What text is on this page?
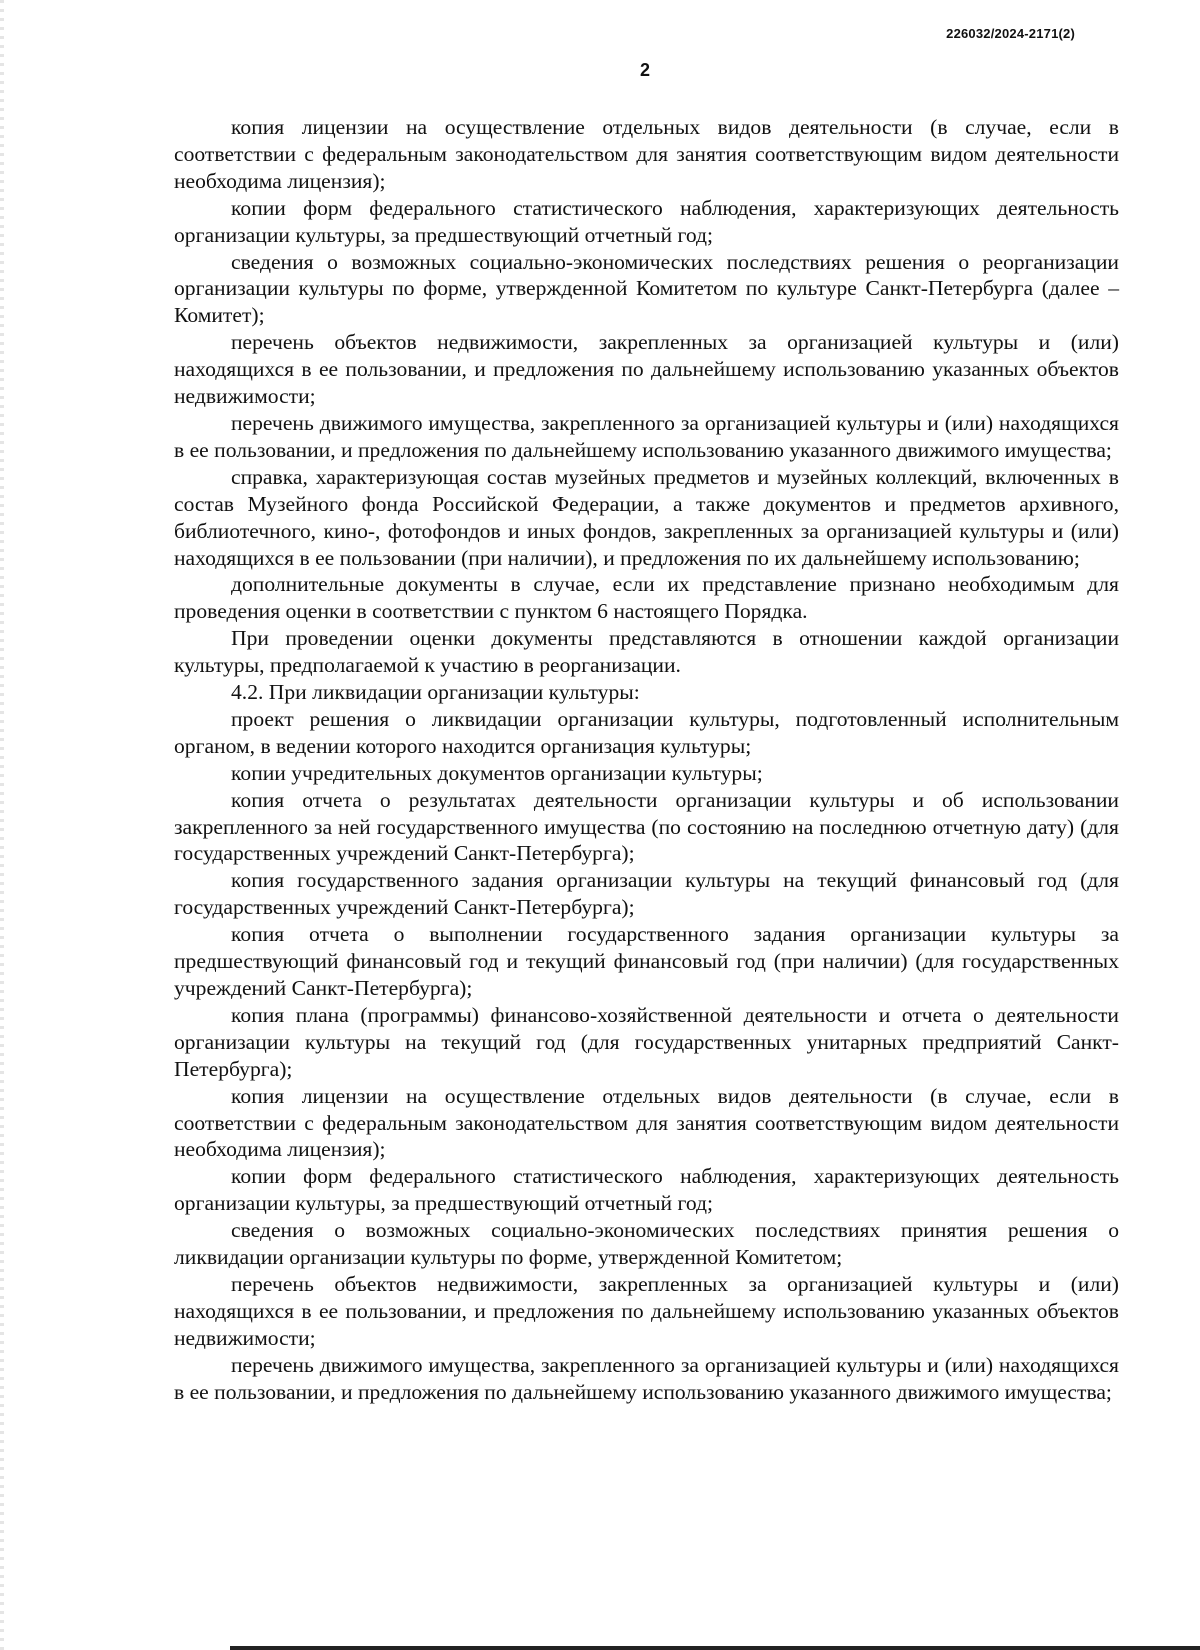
226032/2024-2171(2)
2

копия лицензии на осуществление отдельных видов деятельности (в случае, если в соответствии с федеральным законодательством для занятия соответствующим видом деятельности необходима лицензия);

копии форм федерального статистического наблюдения, характеризующих деятельность организации культуры, за предшествующий отчетный год;

сведения о возможных социально-экономических последствиях решения о реорганизации организации культуры по форме, утвержденной Комитетом по культуре Санкт-Петербурга (далее – Комитет);

перечень объектов недвижимости, закрепленных за организацией культуры и (или) находящихся в ее пользовании, и предложения по дальнейшему использованию указанных объектов недвижимости;

перечень движимого имущества, закрепленного за организацией культуры и (или) находящихся в ее пользовании, и предложения по дальнейшему использованию указанного движимого имущества;

справка, характеризующая состав музейных предметов и музейных коллекций, включенных в состав Музейного фонда Российской Федерации, а также документов и предметов архивного, библиотечного, кино-, фотофондов и иных фондов, закрепленных за организацией культуры и (или) находящихся в ее пользовании (при наличии), и предложения по их дальнейшему использованию;

дополнительные документы в случае, если их представление признано необходимым для проведения оценки в соответствии с пунктом 6 настоящего Порядка.

При проведении оценки документы представляются в отношении каждой организации культуры, предполагаемой к участию в реорганизации.

4.2. При ликвидации организации культуры:

проект решения о ликвидации организации культуры, подготовленный исполнительным органом, в ведении которого находится организация культуры;

копии учредительных документов организации культуры;

копия отчета о результатах деятельности организации культуры и об использовании закрепленного за ней государственного имущества (по состоянию на последнюю отчетную дату) (для государственных учреждений Санкт-Петербурга);

копия государственного задания организации культуры на текущий финансовый год (для государственных учреждений Санкт-Петербурга);

копия отчета о выполнении государственного задания организации культуры за предшествующий финансовый год и текущий финансовый год (при наличии) (для государственных учреждений Санкт-Петербурга);

копия плана (программы) финансово-хозяйственной деятельности и отчета о деятельности организации культуры на текущий год (для государственных унитарных предприятий Санкт-Петербурга);

копия лицензии на осуществление отдельных видов деятельности (в случае, если в соответствии с федеральным законодательством для занятия соответствующим видом деятельности необходима лицензия);

копии форм федерального статистического наблюдения, характеризующих деятельность организации культуры, за предшествующий отчетный год;

сведения о возможных социально-экономических последствиях принятия решения о ликвидации организации культуры по форме, утвержденной Комитетом;

перечень объектов недвижимости, закрепленных за организацией культуры и (или) находящихся в ее пользовании, и предложения по дальнейшему использованию указанных объектов недвижимости;

перечень движимого имущества, закрепленного за организацией культуры и (или) находящихся в ее пользовании, и предложения по дальнейшему использованию указанного движимого имущества;
